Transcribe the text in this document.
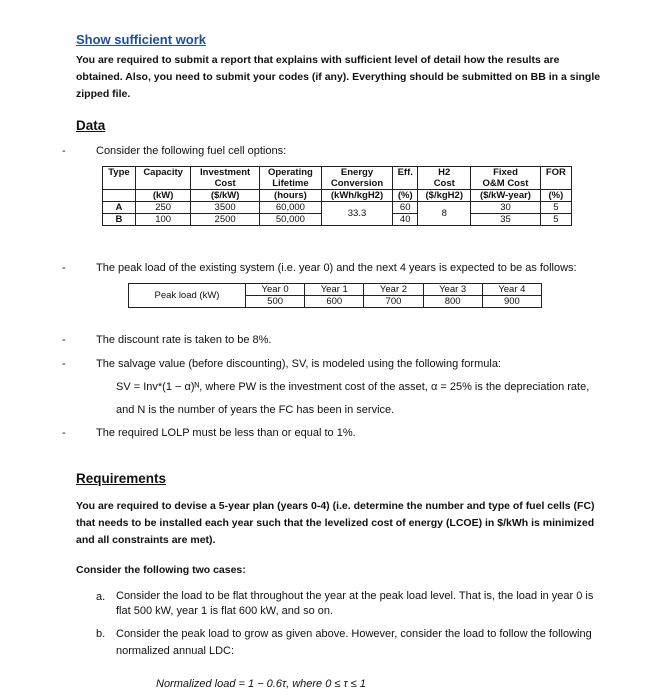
Show sufficient work
You are required to submit a report that explains with sufficient level of detail how the results are obtained. Also, you need to submit your codes (if any). Everything should be submitted on BB in a single zipped file.
Data
-	Consider the following fuel cell options:
Type	Capacity	Investment	Operating	Energy	Eff.	H2	Fixed	FOR
		Cost	Lifetime	Conversion		Cost	O&M Cost	
	(kW)	($/kW)	(hours)	(kWh/kgH2)	(%)	($/kgH2)	($/kW-year)	(%)
A	250	3500	60,000	33.3	60	8	30	5
B	100	2500	50,000		40		35	5
-	The peak load of the existing system (i.e. year 0) and the next 4 years is expected to be as follows:
Peak load (kW)	Year 0	Year 1	Year 2	Year 3	Year 4
	500	600	700	800	900
-	The discount rate is taken to be 8%.
-	The salvage value (before discounting), SV, is modeled using the following formula:
SV = Inv*(1 − α)ᴺ, where PW is the investment cost of the asset, α = 25% is the depreciation rate,
and N is the number of years the FC has been in service.
-	The required LOLP must be less than or equal to 1%.
Requirements
You are required to devise a 5-year plan (years 0-4) (i.e. determine the number and type of fuel cells (FC) that needs to be installed each year such that the levelized cost of energy (LCOE) in $/kWh is minimized and all constraints are met).
Consider the following two cases:
a. Consider the load to be flat throughout the year at the peak load level. That is, the load in year 0 is flat 500 kW, year 1 is flat 600 kW, and so on.
b. Consider the peak load to grow as given above. However, consider the load to follow the following normalized annual LDC:
Normalized load = 1 − 0.6τ, where 0 ≤ τ ≤ 1
